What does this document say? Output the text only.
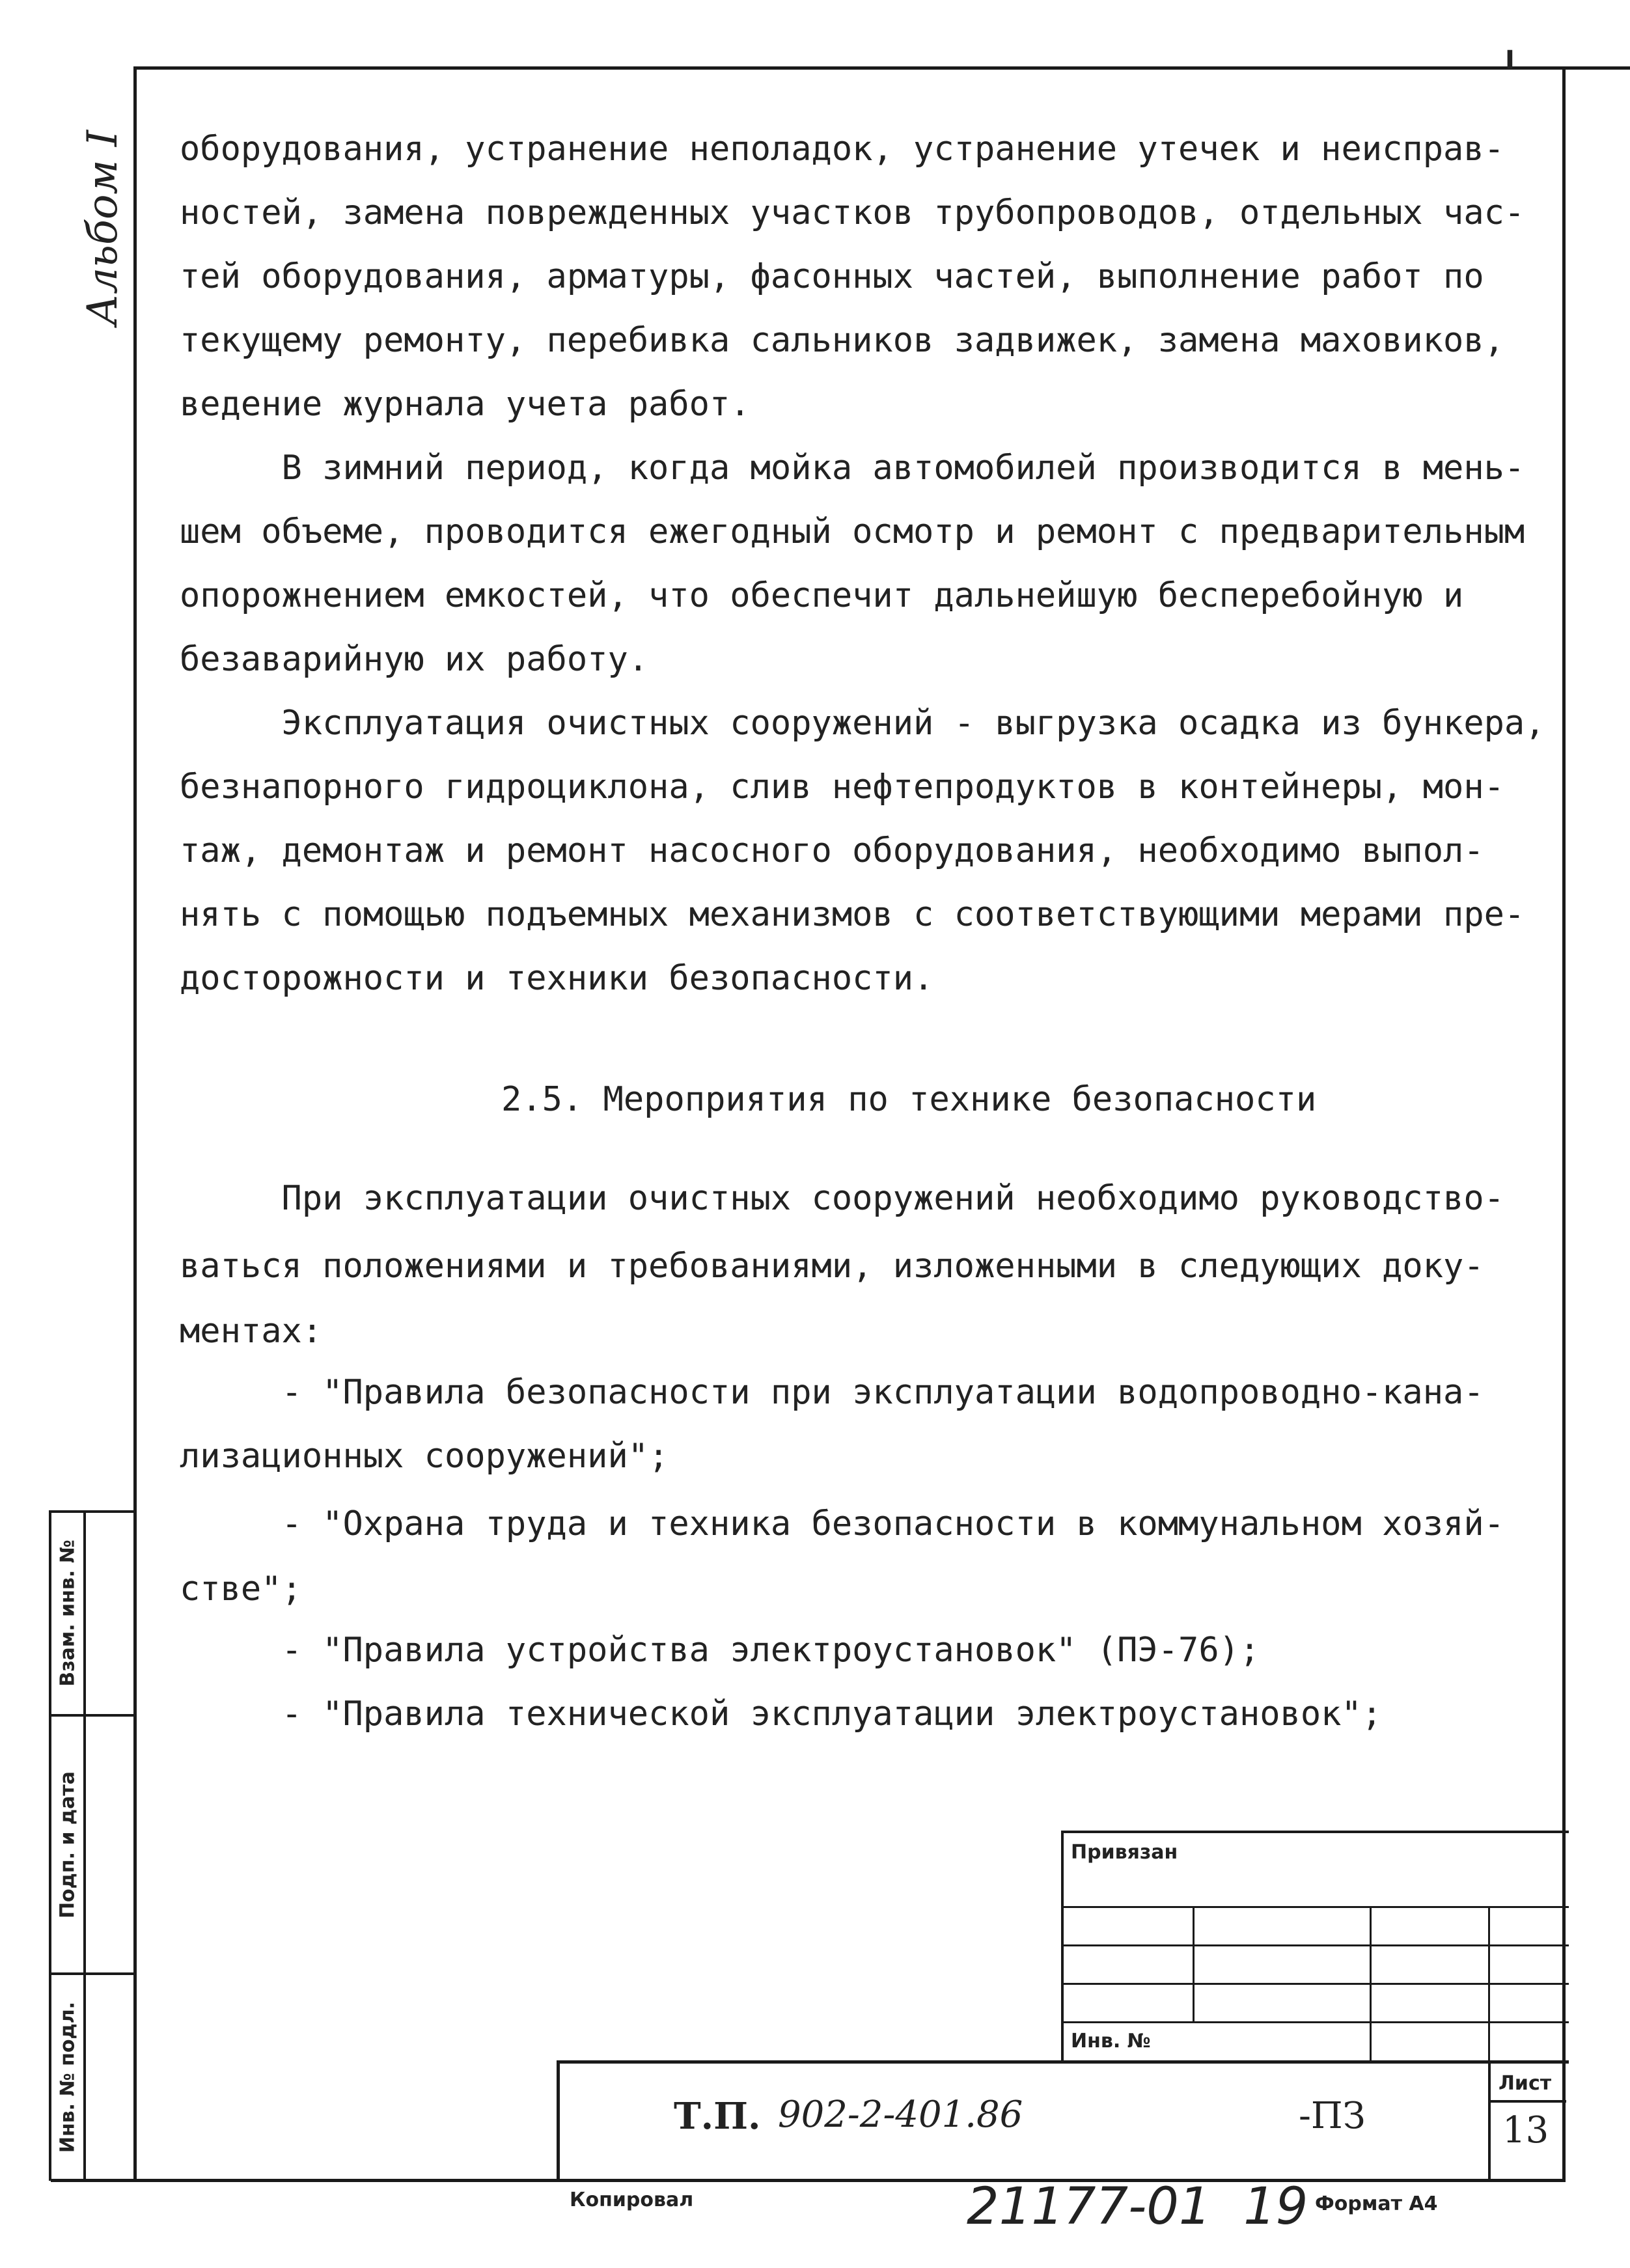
I
Альбом I оборудования, устранение неполадок, устранение утечек и неисправ-

ностей, замена поврежденных участков трубопроводов, отдельных час-

тей оборудования, арматуры, фасонных частей, выполнение работ по

текущему ремонту, перебивка сальников задвижек, замена маховиков,

ведение журнала учета работ.

В зимний период, когда мойка автомобилей производится в мень-

шем объеме, проводится ежегодный осмотр и ремонт с предварительным

опорожнением емкостей, что обеспечит дальнейшую бесперебойную и

безаварийную их работу.

Эксплуатация очистных сооружений - выгрузка осадка из бункера,

безнапорного гидроциклона, слив нефтепродуктов в контейнеры, мон-

таж, демонтаж и ремонт насосного оборудования, необходимо выпол-

нять с помощью подъемных механизмов с соответствующими мерами пре-

досторожности и техники безопасности.

2.5. Мероприятия по технике безопасности

При эксплуатации очистных сооружений необходимо руководство-

ваться положениями и требованиями, изложенными в следующих доку-

ментах:

- "Правила безопасности при эксплуатации водопроводно-кана-

лизационных сооружений";

- "Охрана труда и техника безопасности в коммунальном хозяй-

стве";

- "Правила устройства электроустановок" (ПЭ-76);

- "Правила технической эксплуатации электроустановок";

Взам. инв. №
Подп. и дата
Инв. № подл.
Привязан
Инв. №
Т.П. 902-2-401.86	-ПЗ
Лист
13
Копировал	21177-01  19 Формат А4
